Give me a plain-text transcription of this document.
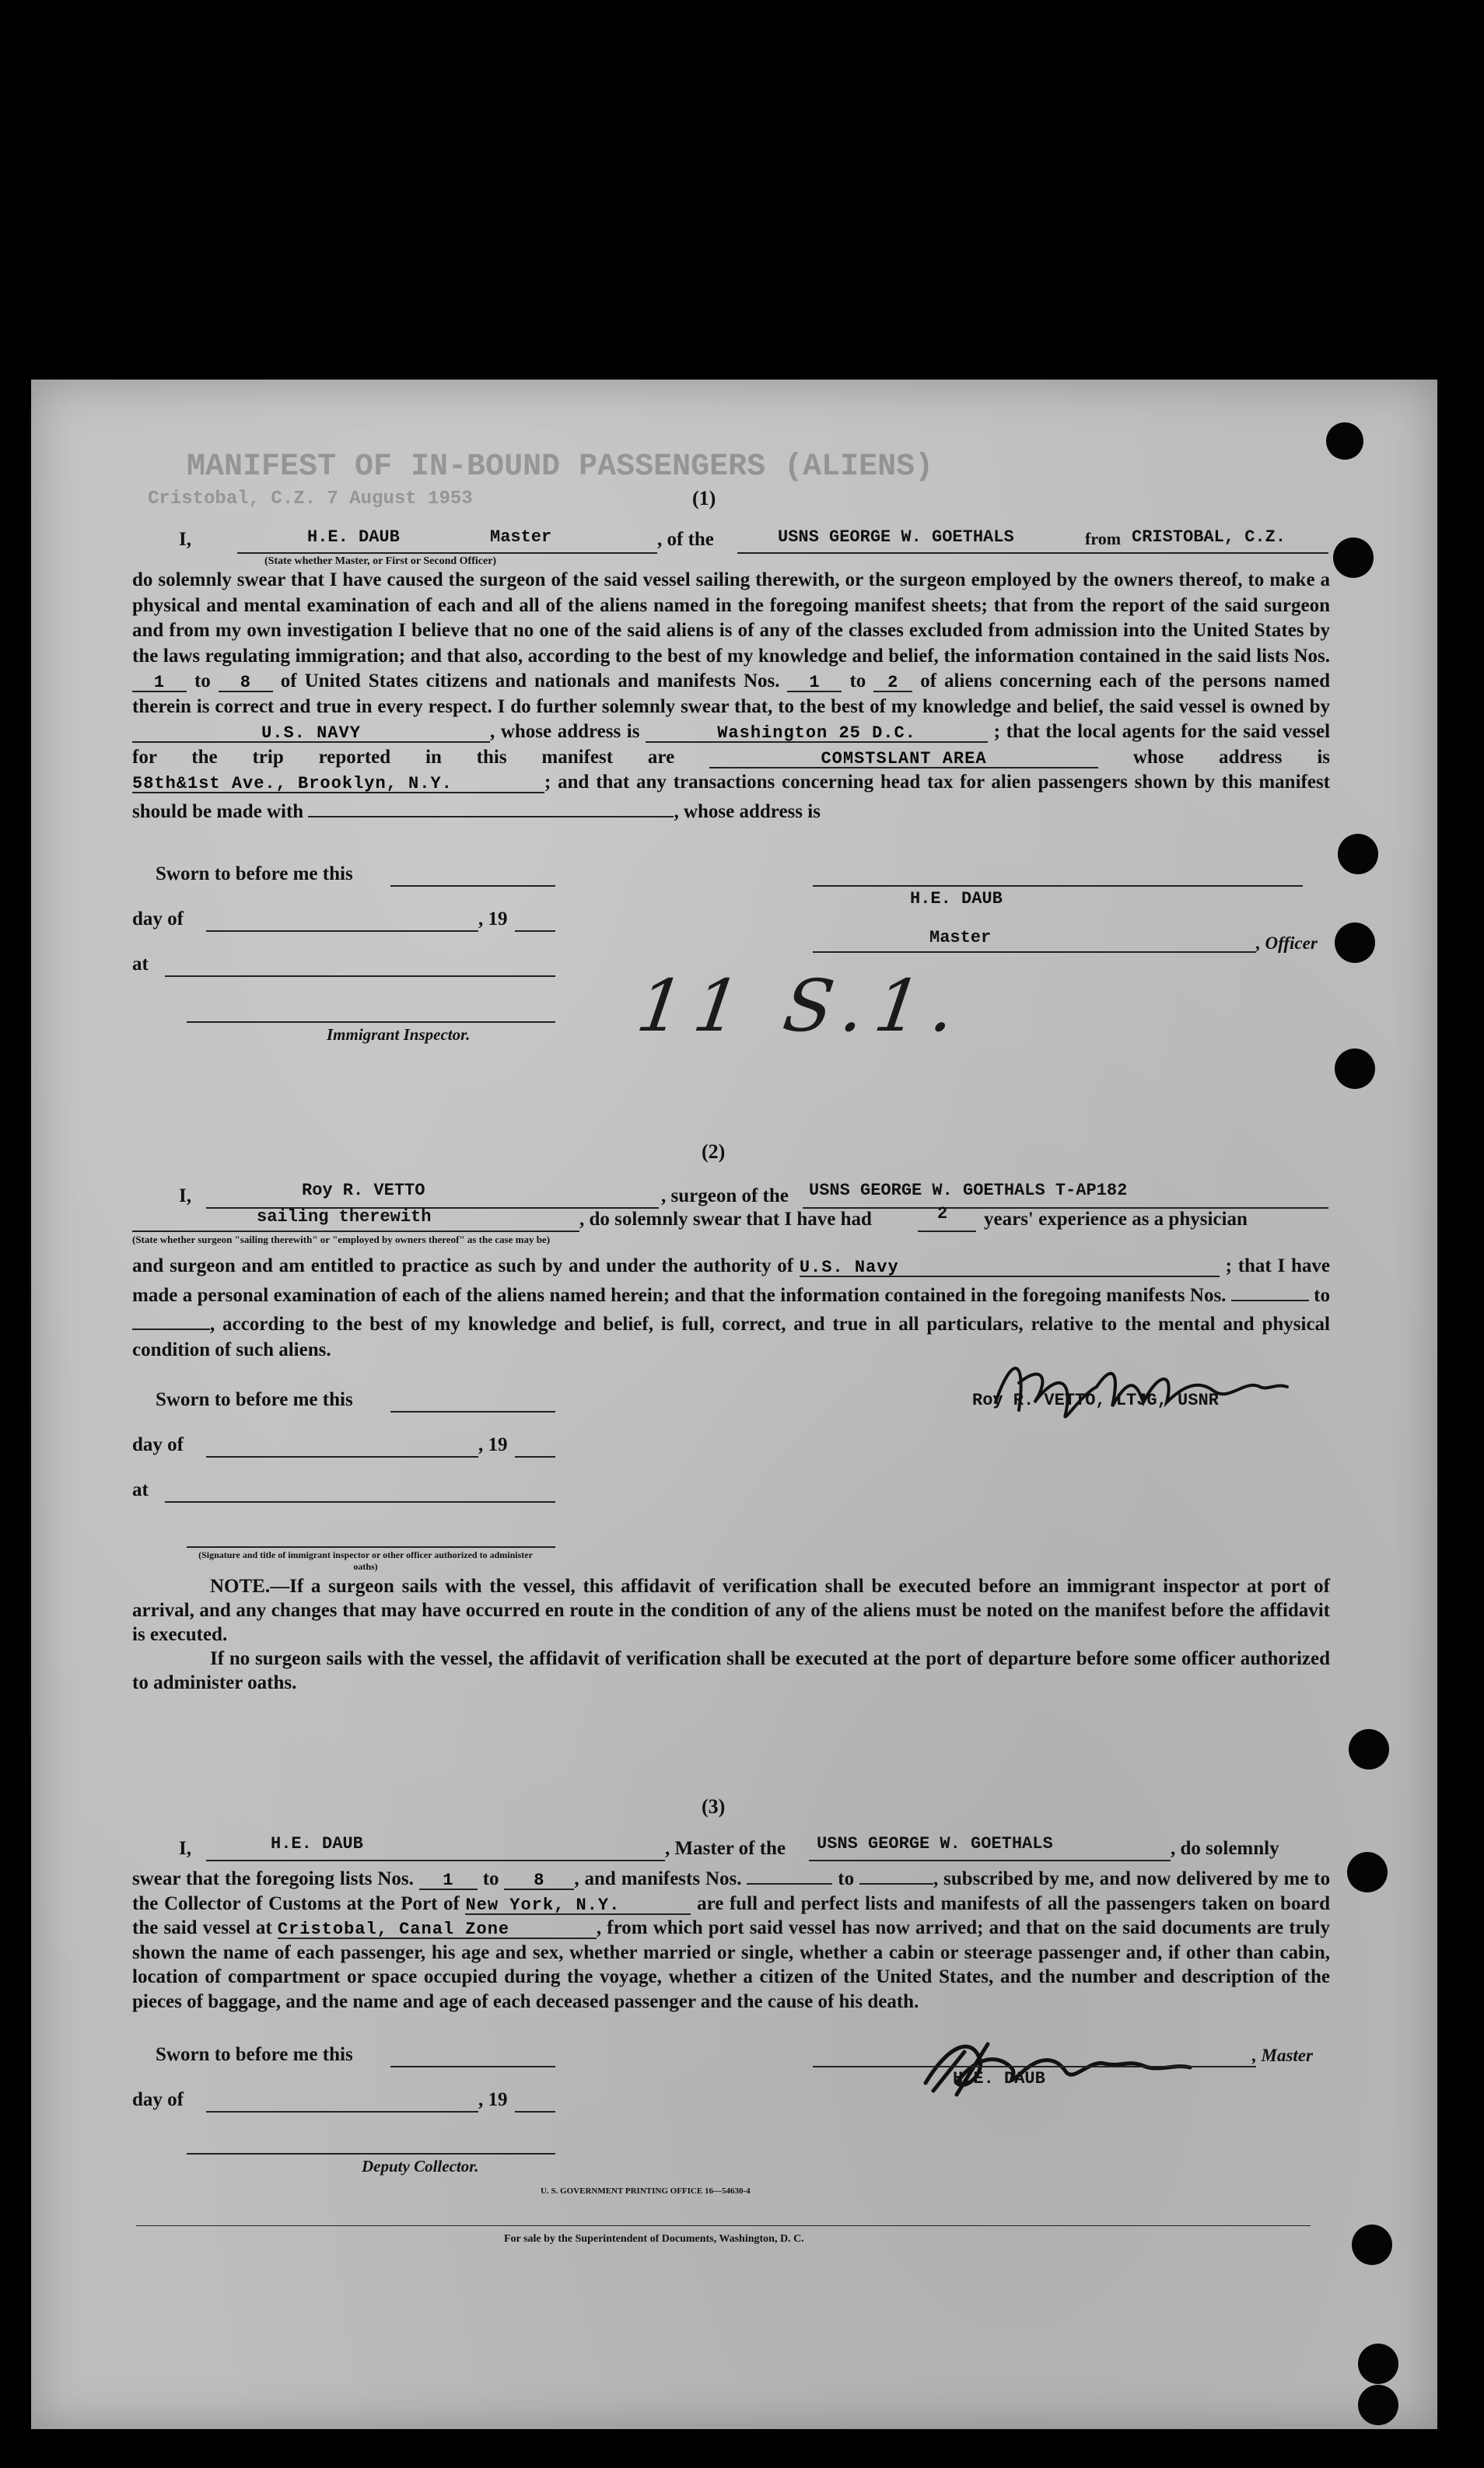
MANIFEST OF IN-BOUND PASSENGERS (ALIENS)
Cristobal, C.Z. 7 August 1953	(1)
I,	H.E. DAUB	Master
(State whether Master, or First or Second Officer)
, of the	USNS GEORGE W. GOETHALS	from CRISTOBAL, C.Z.
do solemnly swear that I have caused the surgeon of the said vessel sailing therewith, or the surgeon employed by the owners thereof, to make a physical and mental examination of each and all of the aliens named in the foregoing manifest sheets; that from the report of the said surgeon and from my own investigation I believe that no one of the said aliens is of any of the classes excluded from admission into the United States by the laws regulating immigration; and that also, according to the best of my knowledge and belief, the information contained in the said lists Nos. 1 to 8 of United States citizens and nationals and manifests Nos. 1 to 2 of aliens concerning each of the persons named therein is correct and true in every respect. I do further solemnly swear that, to the best of my knowledge and belief, the said vessel is owned by U.S. NAVY	, whose address is	Washington 25 D.C.	; that the local agents for the said vessel for the trip reported in this manifest are	COMSTSLANT AREA	whose address is 58th&1st Ave., Brooklyn, N.Y.	; and that any transactions concerning head tax for alien passengers shown by this manifest should be made with	, whose address is
Sworn to before me this
day of	, 19
at
Immigrant Inspector.
H.E. DAUB
Master	, Officer
11 S.1.
(2)
I,	Roy R. VETTO	, surgeon of the USNS GEORGE W. GOETHALS T-AP182
sailing therewith
(State whether surgeon "sailing therewith" or "employed by owners thereof" as the case may be)
, do solemnly swear that I have had	2 years' experience as a physician
and surgeon and am entitled to practice as such by and under the authority of U.S. Navy	; that I have made a personal examination of each of the aliens named herein; and that the information contained in the foregoing manifests Nos.	to , according to the best of my knowledge and belief, is full, correct, and true in all particulars, relative to the mental and physical condition of such aliens.
Sworn to before me this
day of	, 19
at
(Signature and title of immigrant inspector or other officer authorized to administer oaths)
Roy R. VETTO, LTJG, USNR
NOTE.—If a surgeon sails with the vessel, this affidavit of verification shall be executed before an immigrant inspector at port of arrival, and any changes that may have occurred en route in the condition of any of the aliens must be noted on the manifest before the affidavit is executed.
If no surgeon sails with the vessel, the affidavit of verification shall be executed at the port of departure before some officer authorized to administer oaths.
(3)
I,	H.E. DAUB	, Master of the USNS GEORGE W. GOETHALS	, do solemnly
swear that the foregoing lists Nos. 1 to 8 , and manifests Nos.	to	, subscribed by me, and now delivered by me to the Collector of Customs at the Port of New York, N.Y.	are full and perfect lists and manifests of all the passengers taken on board the said vessel at Cristobal, Canal Zone	, from which port said vessel has now arrived; and that on the said documents are truly shown the name of each passenger, his age and sex, whether married or single, whether a cabin or steerage passenger and, if other than cabin, location of compartment or space occupied during the voyage, whether a citizen of the United States, and the number and description of the pieces of baggage, and the name and age of each deceased passenger and the cause of his death.
Sworn to before me this
day of	, 19
Deputy Collector.
, Master
H.E. DAUB
U. S. GOVERNMENT PRINTING OFFICE 16—54630-4
For sale by the Superintendent of Documents, Washington, D. C.
